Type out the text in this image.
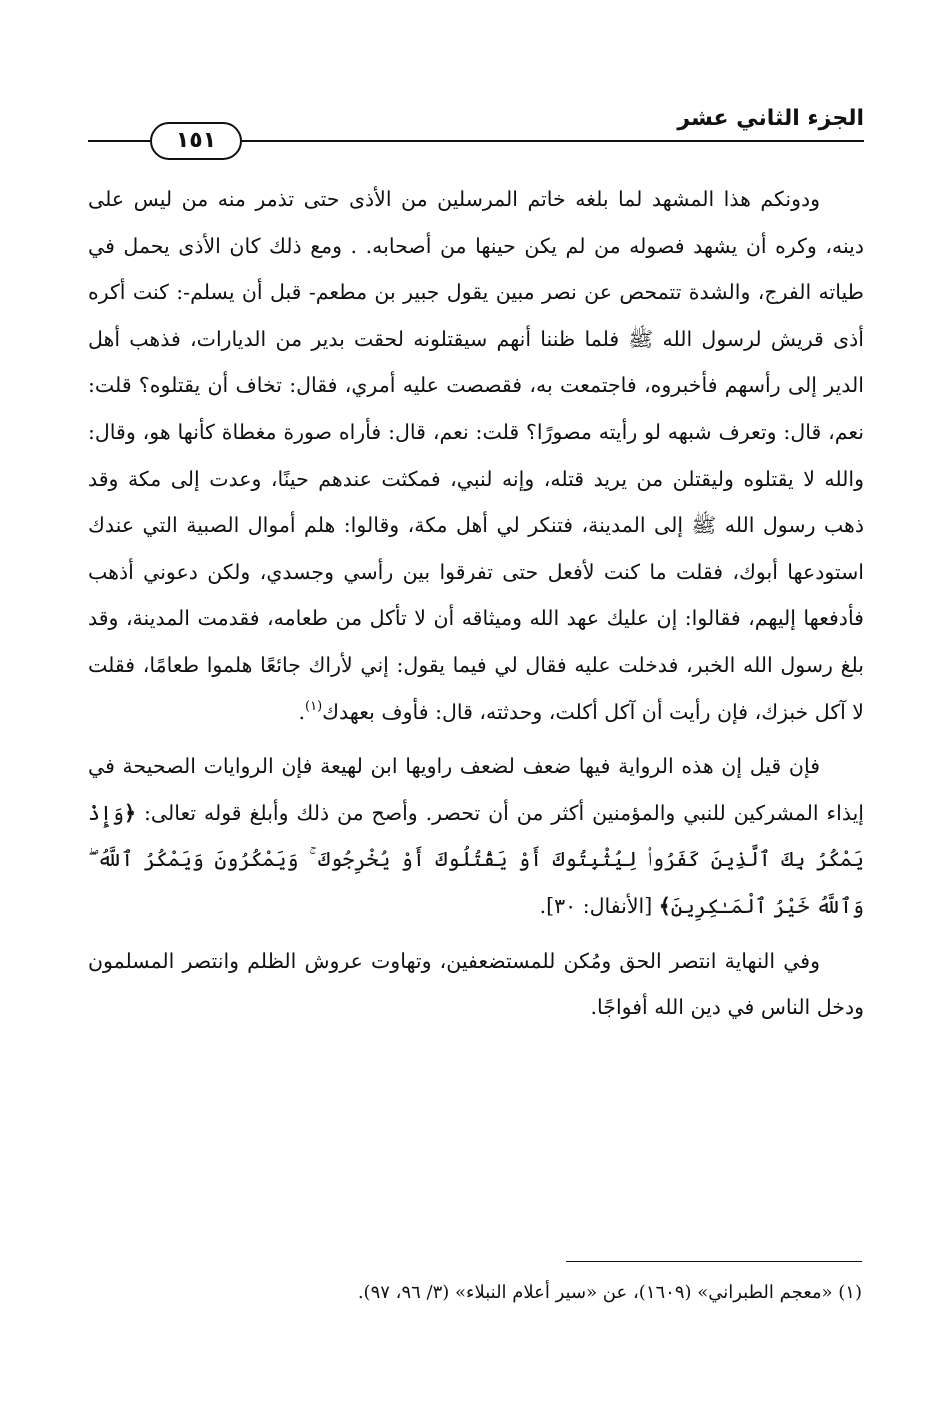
الجزء الثاني عشر
١٥١

ودونكم هذا المشهد لما بلغه خاتم المرسلين من الأذى حتى تذمر منه من ليس على دينه، وكره أن يشهد فصوله من لم يكن حينها من أصحابه. . ومع ذلك كان الأذى يحمل في طياته الفرج، والشدة تتمحص عن نصر مبين يقول جبير بن مطعم- قبل أن يسلم-: كنت أكره أذى قريش لرسول الله ﷺ فلما ظننا أنهم سيقتلونه لحقت بدير من الديارات، فذهب أهل الدير إلى رأسهم فأخبروه، فاجتمعت به، فقصصت عليه أمري، فقال: تخاف أن يقتلوه؟ قلت: نعم، قال: وتعرف شبهه لو رأيته مصورًا؟ قلت: نعم، قال: فأراه صورة مغطاة كأنها هو، وقال: والله لا يقتلوه وليقتلن من يريد قتله، وإنه لنبي، فمكثت عندهم حينًا، وعدت إلى مكة وقد ذهب رسول الله ﷺ إلى المدينة، فتنكر لي أهل مكة، وقالوا: هلم أموال الصبية التي عندك استودعها أبوك، فقلت ما كنت لأفعل حتى تفرقوا بين رأسي وجسدي، ولكن دعوني أذهب فأدفعها إليهم، فقالوا: إن عليك عهد الله وميثاقه أن لا تأكل من طعامه، فقدمت المدينة، وقد بلغ رسول الله الخبر، فدخلت عليه فقال لي فيما يقول: إني لأراك جائعًا هلموا طعامًا، فقلت لا آكل خبزك، فإن رأيت أن آكل أكلت، وحدثته، قال: فأوف بعهدك$^{(١)}$.

فإن قيل إن هذه الرواية فيها ضعف لضعف راويها ابن لهيعة فإن الروايات الصحيحة في إيذاء المشركين للنبي والمؤمنين أكثر من أن تحصر. وأصح من ذلك وأبلغ قوله تعالى: ﴿وَإِذْ يَمْكُرُ بِكَ ٱلَّذِينَ كَفَرُوا۟ لِيُثْبِتُوكَ أَوْ يَقْتُلُوكَ أَوْ يُخْرِجُوكَ ۚ وَيَمْكُرُونَ وَيَمْكُرُ ٱللَّهُ ۖ وَٱللَّهُ خَيْرُ ٱلْمَـٰكِرِينَ﴾ [الأنفال: ٣٠].

وفي النهاية انتصر الحق ومُكن للمستضعفين، وتهاوت عروش الظلم وانتصر المسلمون ودخل الناس في دين الله أفواجًا.

(١) «معجم الطبراني» (١٦٠٩)، عن «سير أعلام النبلاء» (٣/ ٩٦، ٩٧).
